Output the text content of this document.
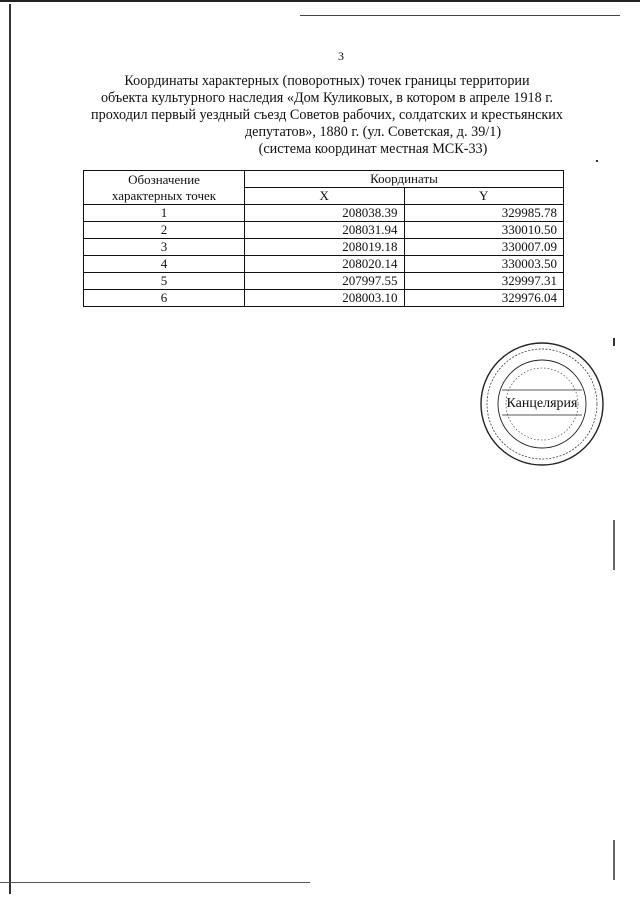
3
Координаты характерных (поворотных) точек границы территории
объекта культурного наследия «Дом Куликовых, в котором в апреле 1918 г.
проходил первый уездный съезд Советов рабочих, солдатских и крестьянских
депутатов», 1880 г. (ул. Советская, д. 39/1)
(система координат местная МСК-33)
Обозначение
характерных точек	Координаты	
	X	Y
1	208038.39	329985.78
2	208031.94	330010.50
3	208019.18	330007.09
4	208020.14	330003.50
5	207997.55	329997.31
6	208003.10	329976.04
Канцелярия
